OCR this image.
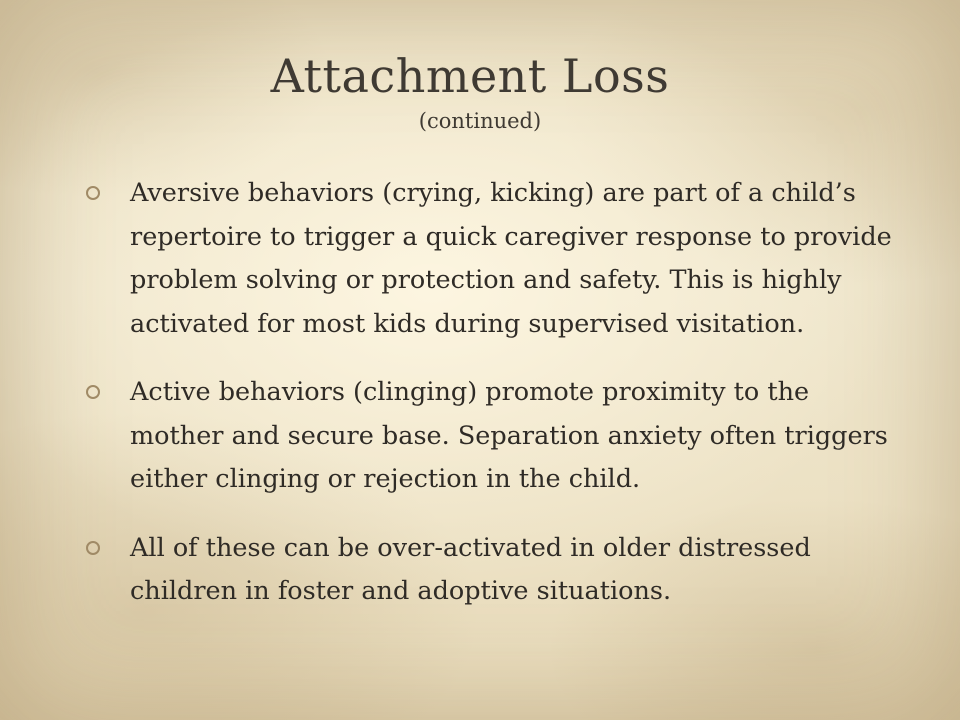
Attachment Loss
(continued)
Aversive behaviors (crying, kicking) are part of a child’s repertoire to trigger a quick caregiver response to provide problem solving or protection and safety. This is highly activated for most kids during supervised visitation.
Active behaviors (clinging) promote proximity to the mother and secure base. Separation anxiety often triggers either clinging or rejection in the child.
All of these can be over-activated in older distressed children in foster and adoptive situations.
